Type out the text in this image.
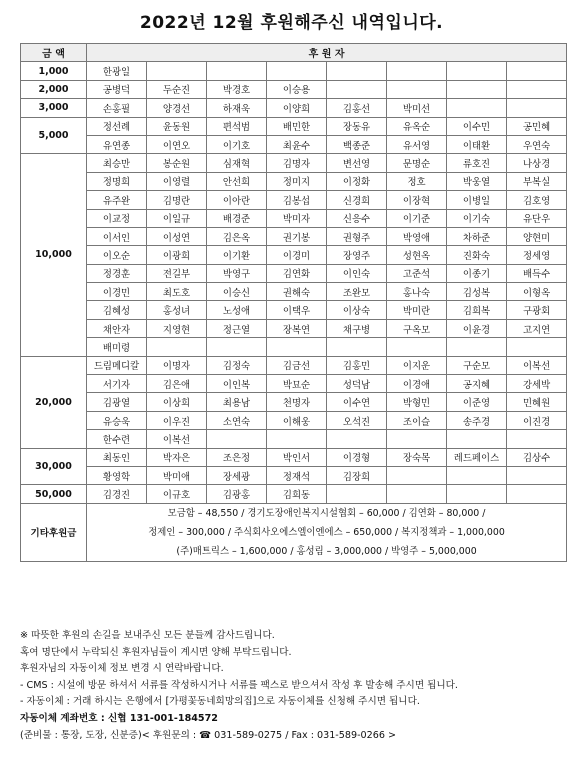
2022년 12월 후원해주신 내역입니다.
금 액	후 원 자							
1,000	한광일							
2,000	공병덕	두순진	박경호	이승용				
3,000	손홍필	양경선	하재욱	이양희	김홍선	박미선		
5,000	정선례	윤동원	편석범	배민한	장동유	유옥순	이수민	공민혜
	유연종	이연오	이기호	최윤수	백종준	유서영	이태환	우연숙
10,000	최승만	봉순원	심재혁	김명자	변선영	문명순	류호진	나상경
	정명희	이영렬	안선희	정미지	이정화	정호	박웅열	부복실
	유주완	김명란	이아란	김봉섭	신경희	이장혁	이병일	김호영
	이교정	이일규	배경준	박미자	신응수	이기준	이기숙	유단우
	이서인	이성연	김은옥	권기봉	권형주	박영애	차하준	양현미
	이오순	이광희	이기환	이경미	장영주	성현옥	진화숙	정세영
	정경훈	전길부	박영구	김연화	이인숙	고준석	이종기	배득수
	이경민	최도호	이승신	권해숙	조완모	홍나숙	김성복	이형옥
	김혜성	홍성녀	노성애	이택우	이상숙	박미란	김희복	구광회
	채안자	지영현	정근열	장복연	채구병	구옥모	이윤경	고지연
	배미령							
20,000	드림메디칼	이명자	김정숙	김금선	김홍민	이지운	구순모	이복선
	서기자	김은애	이인복	박묘순	성덕남	이경애	공지혜	강세박
	김광열	이상희	최용남	천명자	이수연	박형민	이준영	민혜원
	유승욱	이우진	소연숙	이해웅	오석진	조이슬	송주경	이진경
	한수련	이복선						
30,000	최동인	박자은	조은정	박인서	이경형	장숙목	레드페이스	김상수
	황영학	박미애	장세광	정재석	김장희			
50,000	김경진	이규호	김광홍	김희동				
기타후원금	모금함 – 48,550 / 경기도장애인복지시설협회 – 60,000 / 김연화 – 80,000 /
정제인 – 300,000 / 주식회사오에스엘이엔에스 – 650,000 / 복지정책과 – 1,000,000
(주)매트릭스 – 1,600,000 / 홍성림 – 3,000,000 / 박영주 – 5,000,000							
※ 따뜻한 후원의 손길을 보내주신 모든 분들께 감사드립니다.
혹여 명단에서 누락되신 후원자님들이 계시면 양해 부탁드립니다.
후원자님의 자동이체 정보 변경 시 연락바랍니다.
- CMS : 시설에 방문 하셔서 서류를 작성하시거나 서류를 팩스로 받으셔서 작성 후 발송해 주시면 됩니다.
- 자동이체 : 거래 하시는 은행에서 [가평꽃동네희망의집]으로 자동이체를 신청해 주시면 됩니다.
자동이체 계좌번호 : 신협 131-001-184572
(준비물 : 통장, 도장, 신분증)< 후원문의 : ☎ 031-589-0275 / Fax : 031-589-0266 >
